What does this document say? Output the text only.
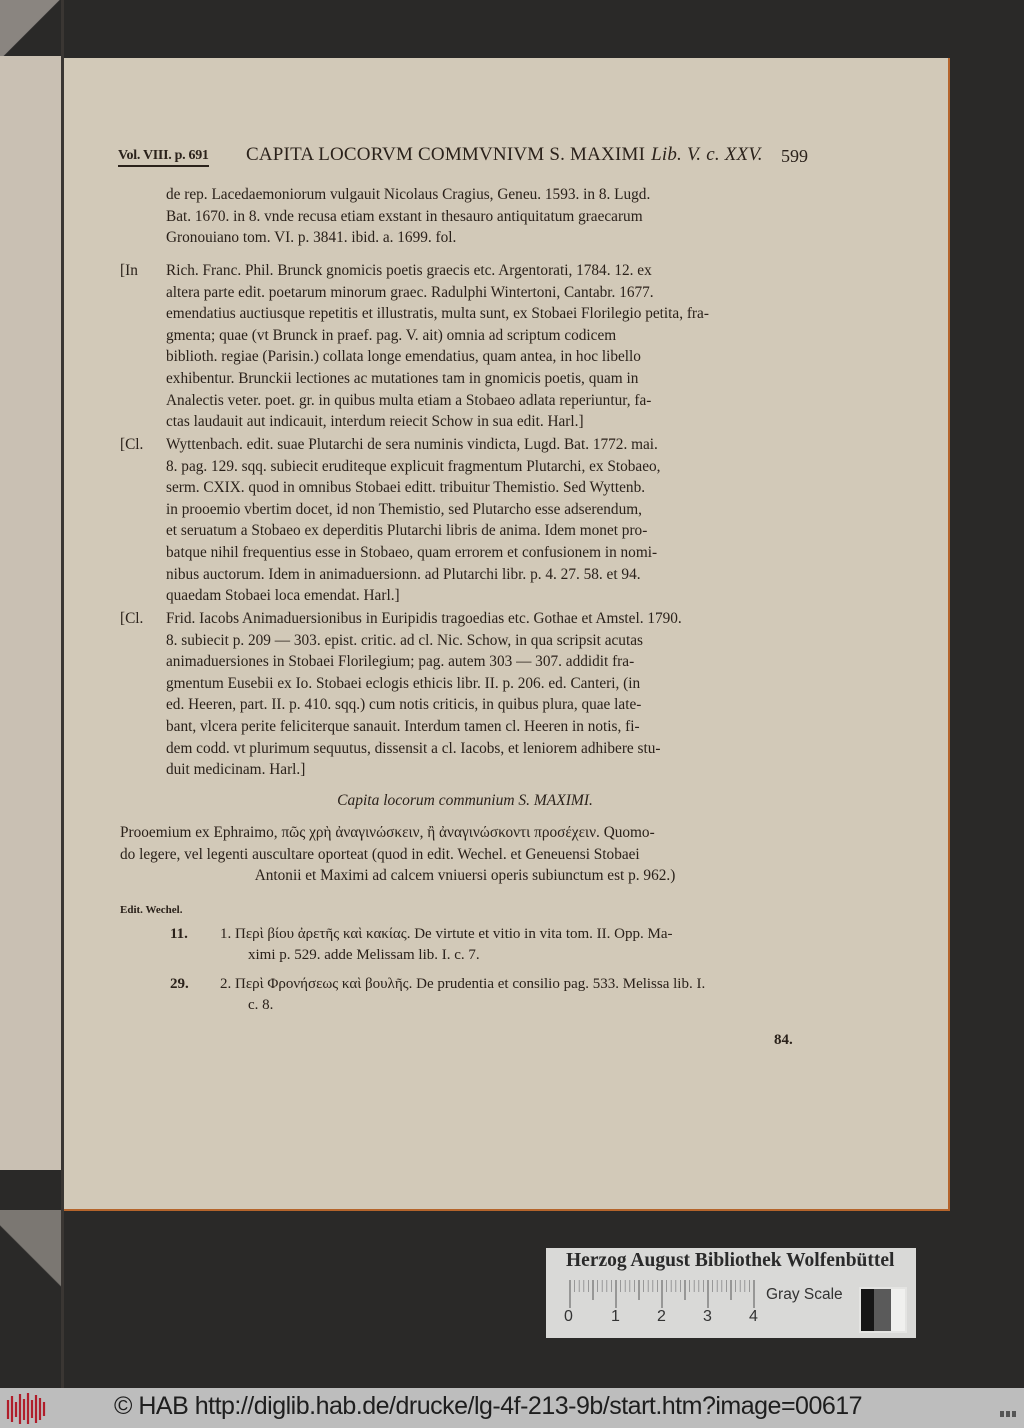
Vol. VIII. p. 691 CAPITA LOCORVM COMMVNIVM S. MAXIMI Lib. V. c. XXV. 599
de rep. Lacedaemoniorum vulgauit Nicolaus Cragius, Geneu. 1593. in 8. Lugd.
Bat. 1670. in 8. vnde recusa etiam exstant in thesauro antiquitatum graecarum
Gronouiano tom. VI. p. 3841. ibid. a. 1699. fol.
[In Rich. Franc. Phil. Brunck gnomicis poetis graecis etc. Argentorati, 1784. 12. ex
altera parte edit. poetarum minorum graec. Radulphi Wintertoni, Cantabr. 1677.
emendatius auctiusque repetitis et illustratis, multa sunt, ex Stobaei Florilegio petita, fra-
gmenta; quae (vt Brunck in praef. pag. V. ait) omnia ad scriptum codicem
biblioth. regiae (Parisin.) collata longe emendatius, quam antea, in hoc libello
exhibentur. Brunckii lectiones ac mutationes tam in gnomicis poetis, quam in
Analectis veter. poet. gr. in quibus multa etiam a Stobaeo adlata reperiuntur, fa-
ctas laudauit aut indicauit, interdum reiecit Schow in sua edit. Harl.]
[Cl. Wyttenbach. edit. suae Plutarchi de sera numinis vindicta, Lugd. Bat. 1772. mai.
8. pag. 129. sqq. subiecit eruditeque explicuit fragmentum Plutarchi, ex Stobaeo,
serm. CXIX. quod in omnibus Stobaei editt. tribuitur Themistio. Sed Wyttenb.
in prooemio vbertim docet, id non Themistio, sed Plutarcho esse adserendum,
et seruatum a Stobaeo ex deperditis Plutarchi libris de anima. Idem monet pro-
batque nihil frequentius esse in Stobaeo, quam errorem et confusionem in nomi-
nibus auctorum. Idem in animaduersionn. ad Plutarchi libr. p. 4. 27. 58. et 94.
quaedam Stobaei loca emendat. Harl.]
[Cl. Frid. Iacobs Animaduersionibus in Euripidis tragoedias etc. Gothae et Amstel. 1790.
8. subiecit p. 209 — 303. epist. critic. ad cl. Nic. Schow, in qua scripsit acutas
animaduersiones in Stobaei Florilegium; pag. autem 303 — 307. addidit fra-
gmentum Eusebii ex Io. Stobaei eclogis ethicis libr. II. p. 206. ed. Canteri, (in
ed. Heeren, part. II. p. 410. sqq.) cum notis criticis, in quibus plura, quae late-
bant, vlcera perite feliciterque sanauit. Interdum tamen cl. Heeren in notis, fi-
dem codd. vt plurimum sequutus, dissensit a cl. Iacobs, et leniorem adhibere stu-
duit medicinam. Harl.]
Capita locorum communium S. MAXIMI.
Prooemium ex Ephraimo, πῶς χρὴ ἀναγινώσκειν, ἢ ἀναγινώσκοντι προσέχειν. Quomo-
do legere, vel legenti auscultare oporteat (quod in edit. Wechel. et Geneuensi Stobaei
Antonii et Maximi ad calcem vniuersi operis subiunctum est p. 962.)
Edit. Wechel.
11. 1. Περὶ βίου ἀρετῆς καὶ κακίας. De virtute et vitio in vita tom. II. Opp. Ma-
ximi p. 529. adde Melissam lib. I. c. 7.
29. 2. Περὶ Φρονήσεως καὶ βουλῆς. De prudentia et consilio pag. 533. Melissa lib. I.
c. 8.
84.
Herzog August Bibliothek Wolfenbüttel
0 1 2 3 4
Gray Scale
© HAB http://diglib.hab.de/drucke/lg-4f-213-9b/start.htm?image=00617
